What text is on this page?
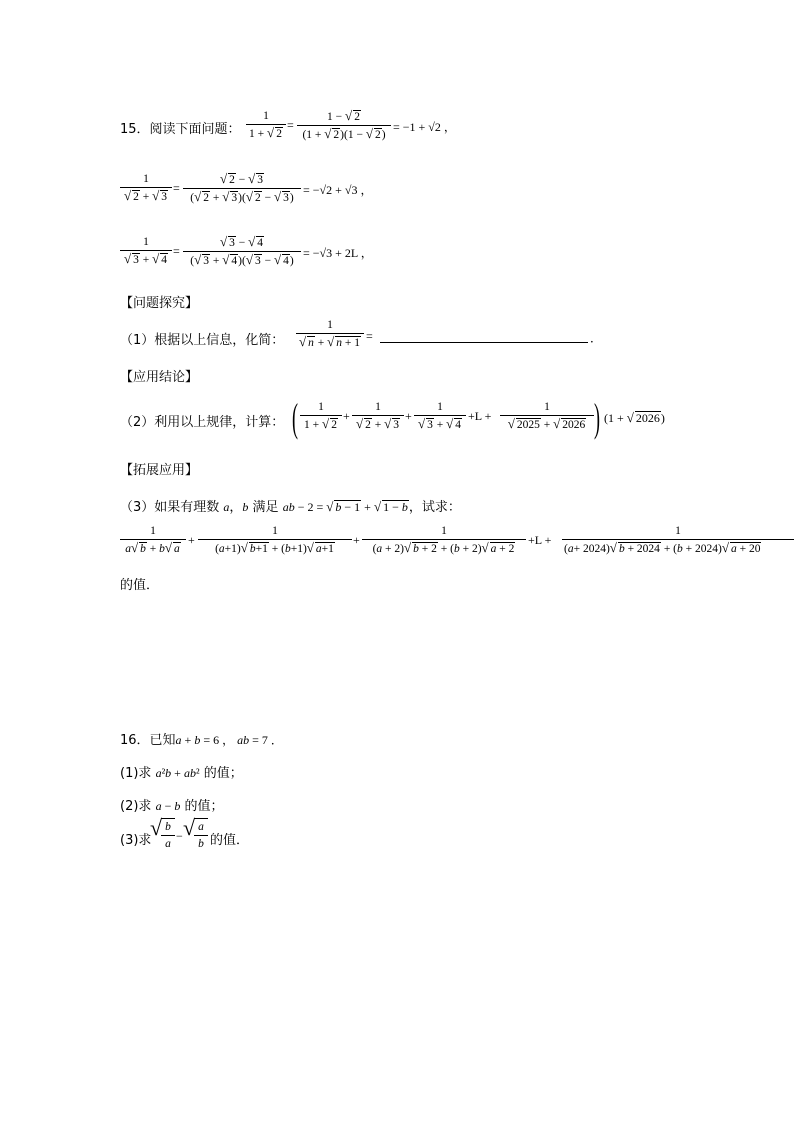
15．阅读下面问题：
1
1 + √ 2
=
1 − √ 2
(1 + √ 2)(1 − √ 2)
= −1 + √2 ，
1
√ 2 + √ 3
=
√ 2 − √ 3
(√ 2 + √ 3)(√ 2 − √ 3)
= −√2 + √3 ，
1
√ 3 + √ 4
=
√ 3 − √ 4
(√ 3 + √ 4)(√ 3 − √ 4)
= −√3 + 2L ，
【问题探究】
（1）根据以上信息，化简：
1
√ n + √ n + 1 =	．
【应用结论】
（2）利用以上规律，计算： (	1
1 + √ 2
+
1
√ 2 + √ 3
+
1
√ 3 + √ 4
+L +
1
√ 2025 + √ 2026 ) (1 + √ 2026)
【拓展应用】
（3）如果有理数 a，b 满足 ab − 2 = √ b − 1 + √ 1 − b，试求：
1
a√ b + b√ a
+
1
(a+1)√ b+1 + (b+1)√ a+1
+
1
(a + 2)√ b + 2 + (b + 2)√ a + 2
+L +
1
(a+ 2024)√ b + 2024 + (b + 2024)√ a + 20
的值．
16．已知a + b = 6 ， ab = 7 ．
(1)求 a²b + ab² 的值；
(2)求 a − b 的值；
(3)求
√ b
a
− √ a
b 的值．
